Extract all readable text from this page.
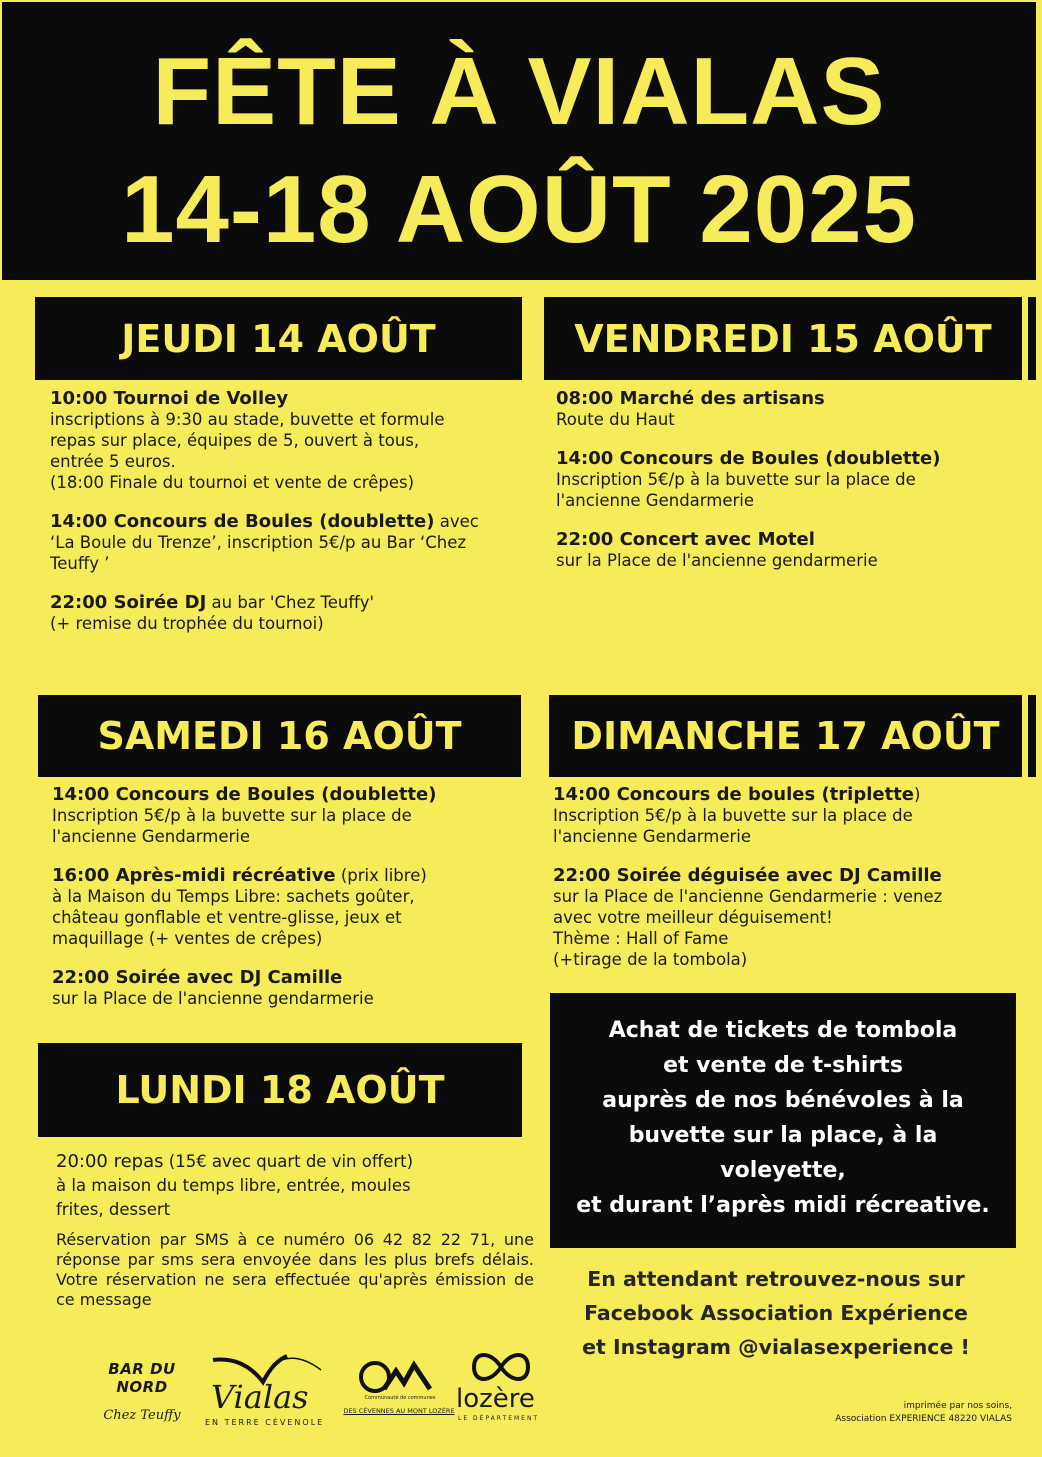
FÊTE À VIALAS
14-18 AOÛT 2025
JEUDI 14 AOÛT
10:00 Tournoi de Volley
inscriptions à 9:30 au stade, buvette et formule
repas sur place, équipes de 5, ouvert à tous,
entrée 5 euros.
(18:00 Finale du tournoi et vente de crêpes)
14:00 Concours de Boules (doublette) avec
‘La Boule du Trenze’, inscription 5€/p au Bar ‘Chez
Teuffy ’
22:00 Soirée DJ au bar 'Chez Teuffy'
(+ remise du trophée du tournoi)
VENDREDI 15 AOÛT
08:00 Marché des artisans
Route du Haut
14:00 Concours de Boules (doublette)
Inscription 5€/p à la buvette sur la place de
l'ancienne Gendarmerie
22:00 Concert avec Motel
sur la Place de l'ancienne gendarmerie
SAMEDI 16 AOÛT
14:00 Concours de Boules (doublette)
Inscription 5€/p à la buvette sur la place de
l'ancienne Gendarmerie
16:00 Après-midi récréative (prix libre)
à la Maison du Temps Libre: sachets goûter,
château gonflable et ventre-glisse, jeux et
maquillage (+ ventes de crêpes)
22:00 Soirée avec DJ Camille
sur la Place de l'ancienne gendarmerie
DIMANCHE 17 AOÛT
14:00 Concours de boules (triplette)
Inscription 5€/p à la buvette sur la place de
l'ancienne Gendarmerie
22:00 Soirée déguisée avec DJ Camille
sur la Place de l'ancienne Gendarmerie : venez
avec votre meilleur déguisement!
Thème : Hall of Fame
(+tirage de la tombola)
LUNDI 18 AOÛT
20:00 repas (15€ avec quart de vin offert)
à la maison du temps libre, entrée, moules
frites, dessert
Réservation par SMS à ce numéro 06 42 82 22 71, une réponse par sms sera envoyée dans les plus brefs délais. Votre réservation ne sera effectuée qu'après émission de ce message
Achat de tickets de tombola
et vente de t-shirts
auprès de nos bénévoles à la
buvette sur la place, à la
voleyette,
et durant l’après midi récreative.
En attendant retrouvez-nous sur
Facebook Association Expérience
et Instagram @vialasexperience !
BAR DU NORD
Chez Teuffy Vialas
EN TERRE CÉVENOLE
Communauté de communes
DES CÉVENNES AU MONT LOZÈRE lozère
LE DÉPARTEMENT
imprimée par nos soins,
Association EXPERIENCE 48220 VIALAS
